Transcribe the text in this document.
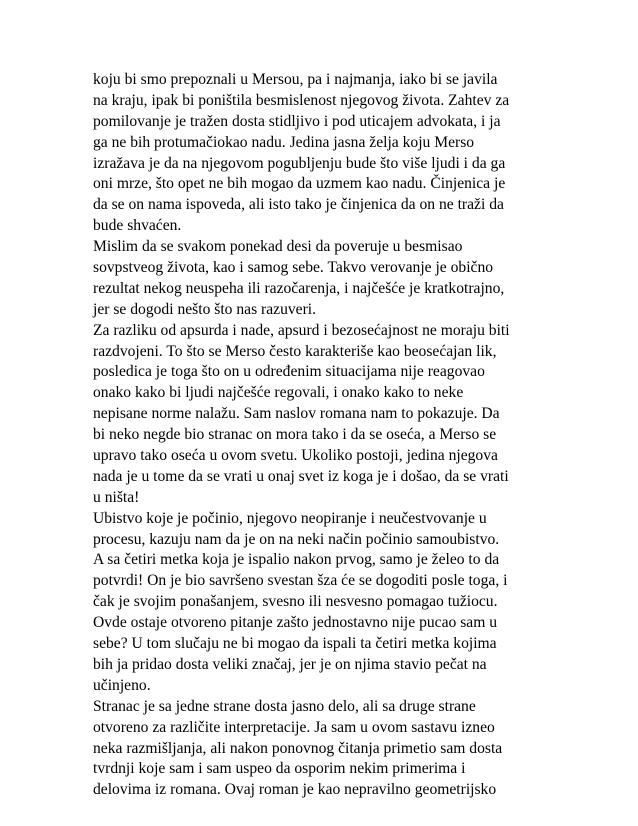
koju bi smo prepoznali u Mersou, pa i najmanja, iako bi se javila
na kraju, ipak bi poništila besmislenost njegovog života. Zahtev za
pomilovanje je tražen dosta stidljivo i pod uticajem advokata, i ja
ga ne bih protumačiokao nadu. Jedina jasna želja koju Merso
izražava je da na njegovom pogubljenju bude što više ljudi i da ga
oni mrze, što opet ne bih mogao da uzmem kao nadu. Činjenica je
da se on nama ispoveda, ali isto tako je činjenica da on ne traži da
bude shvaćen.
Mislim da se svakom ponekad desi da poveruje u besmisao
sovpstveog života, kao i samog sebe. Takvo verovanje je obično
rezultat nekog neuspeha ili razočarenja, i najčešće je kratkotrajno,
jer se dogodi nešto što nas razuveri.
Za razliku od apsurda i nade, apsurd i bezosećajnost ne moraju biti
razdvojeni. To što se Merso često karakteriše kao beosećajan lik,
posledica je toga što on u određenim situacijama nije reagovao
onako kako bi ljudi najčešće regovali, i onako kako to neke
nepisane norme nalažu. Sam naslov romana nam to pokazuje. Da
bi neko negde bio stranac on mora tako i da se oseća, a Merso se
upravo tako oseća u ovom svetu. Ukoliko postoji, jedina njegova
nada je u tome da se vrati u onaj svet iz koga je i došao, da se vrati
u ništa!
Ubistvo koje je počinio, njegovo neopiranje i neučestvovanje u
procesu, kazuju nam da je on na neki način počinio samoubistvo.
A sa četiri metka koja je ispalio nakon prvog, samo je želeo to da
potvrdi! On je bio savršeno svestan šza će se dogoditi posle toga, i
čak je svojim ponašanjem, svesno ili nesvesno pomagao tužiocu.
Ovde ostaje otvoreno pitanje zašto jednostavno nije pucao sam u
sebe? U tom slučaju ne bi mogao da ispali ta četiri metka kojima
bih ja pridao dosta veliki značaj, jer je on njima stavio pečat na
učinjeno.
Stranac je sa jedne strane dosta jasno delo, ali sa druge strane
otvoreno za različite interpretacije. Ja sam u ovom sastavu izneo
neka razmišljanja, ali nakon ponovnog čitanja primetio sam dosta
tvrdnji koje sam i sam uspeo da osporim nekim primerima i
delovima iz romana. Ovaj roman je kao nepravilno geometrijsko
